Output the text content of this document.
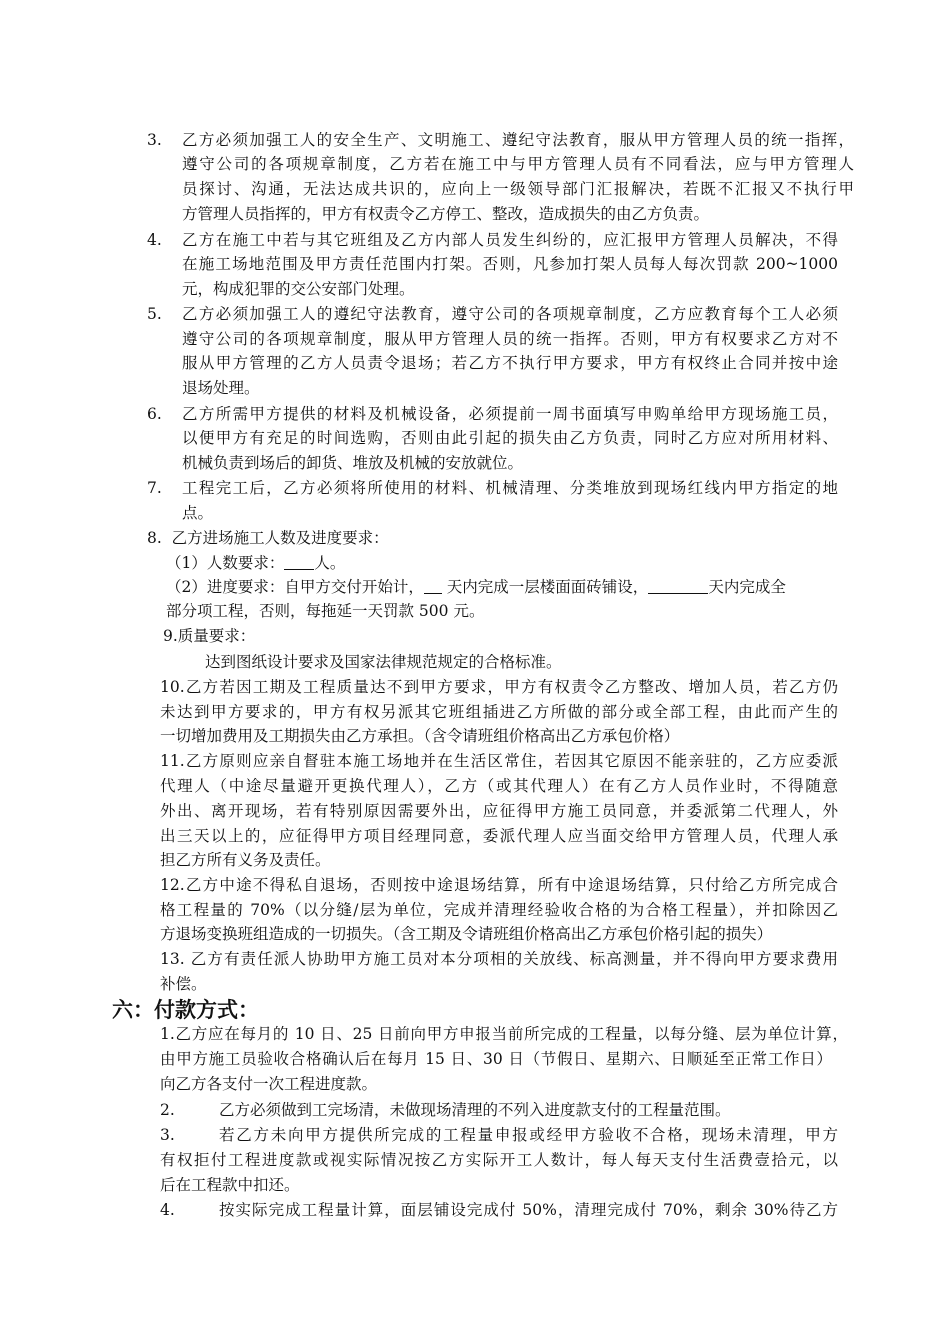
3. 乙方必须加强工人的安全生产、文明施工、遵纪守法教育，服从甲方管理人员的统一指挥，
遵守公司的各项规章制度，乙方若在施工中与甲方管理人员有不同看法，应与甲方管理人
员探讨、沟通，无法达成共识的，应向上一级领导部门汇报解决，若既不汇报又不执行甲
方管理人员指挥的，甲方有权责令乙方停工、整改，造成损失的由乙方负责。
4. 乙方在施工中若与其它班组及乙方内部人员发生纠纷的，应汇报甲方管理人员解决，不得
在施工场地范围及甲方责任范围内打架。否则，凡参加打架人员每人每次罚款 200~1000
元，构成犯罪的交公安部门处理。
5. 乙方必须加强工人的遵纪守法教育，遵守公司的各项规章制度，乙方应教育每个工人必须
遵守公司的各项规章制度，服从甲方管理人员的统一指挥。否则，甲方有权要求乙方对不
服从甲方管理的乙方人员责令退场；若乙方不执行甲方要求，甲方有权终止合同并按中途
退场处理。
6. 乙方所需甲方提供的材料及机械设备，必须提前一周书面填写申购单给甲方现场施工员，
以便甲方有充足的时间选购，否则由此引起的损失由乙方负责，同时乙方应对所用材料、
机械负责到场后的卸货、堆放及机械的安放就位。
7. 工程完工后，乙方必须将所使用的材料、机械清理、分类堆放到现场红线内甲方指定的地
点。
8.  乙方进场施工人数及进度要求：
（1）人数要求： 人。
（2）进度要求：自甲方交付开始计， 天内完成一层楼面面砖铺设，	天内完成全
部分项工程，否则，每拖延一天罚款 500 元。
9.质量要求：
达到图纸设计要求及国家法律规范规定的合格标准。
10.乙方若因工期及工程质量达不到甲方要求，甲方有权责令乙方整改、增加人员，若乙方仍
未达到甲方要求的，甲方有权另派其它班组插进乙方所做的部分或全部工程，由此而产生的
一切增加费用及工期损失由乙方承担。（含令请班组价格高出乙方承包价格）
11.乙方原则应亲自督驻本施工场地并在生活区常住，若因其它原因不能亲驻的，乙方应委派
代理人（中途尽量避开更换代理人），乙方（或其代理人）在有乙方人员作业时，不得随意
外出、离开现场，若有特别原因需要外出，应征得甲方施工员同意，并委派第二代理人，外
出三天以上的，应征得甲方项目经理同意，委派代理人应当面交给甲方管理人员，代理人承
担乙方所有义务及责任。
12.乙方中途不得私自退场，否则按中途退场结算，所有中途退场结算，只付给乙方所完成合
格工程量的 70%（以分缝/层为单位，完成并清理经验收合格的为合格工程量），并扣除因乙
方退场变换班组造成的一切损失。（含工期及令请班组价格高出乙方承包价格引起的损失）
13. 乙方有责任派人协助甲方施工员对本分项相的关放线、标高测量，并不得向甲方要求费用
补偿。
六：付款方式：
1.乙方应在每月的 10 日、25 日前向甲方申报当前所完成的工程量，以每分缝、层为单位计算，
由甲方施工员验收合格确认后在每月 15 日、30 日（节假日、星期六、日顺延至正常工作日）
向乙方各支付一次工程进度款。
2.	乙方必须做到工完场清，未做现场清理的不列入进度款支付的工程量范围。
3.	若乙方未向甲方提供所完成的工程量申报或经甲方验收不合格，现场未清理，甲方
有权拒付工程进度款或视实际情况按乙方实际开工人数计，每人每天支付生活费壹拾元，以
后在工程款中扣还。
4.	按实际完成工程量计算，面层铺设完成付 50%，清理完成付 70%，剩余 30%待乙方
